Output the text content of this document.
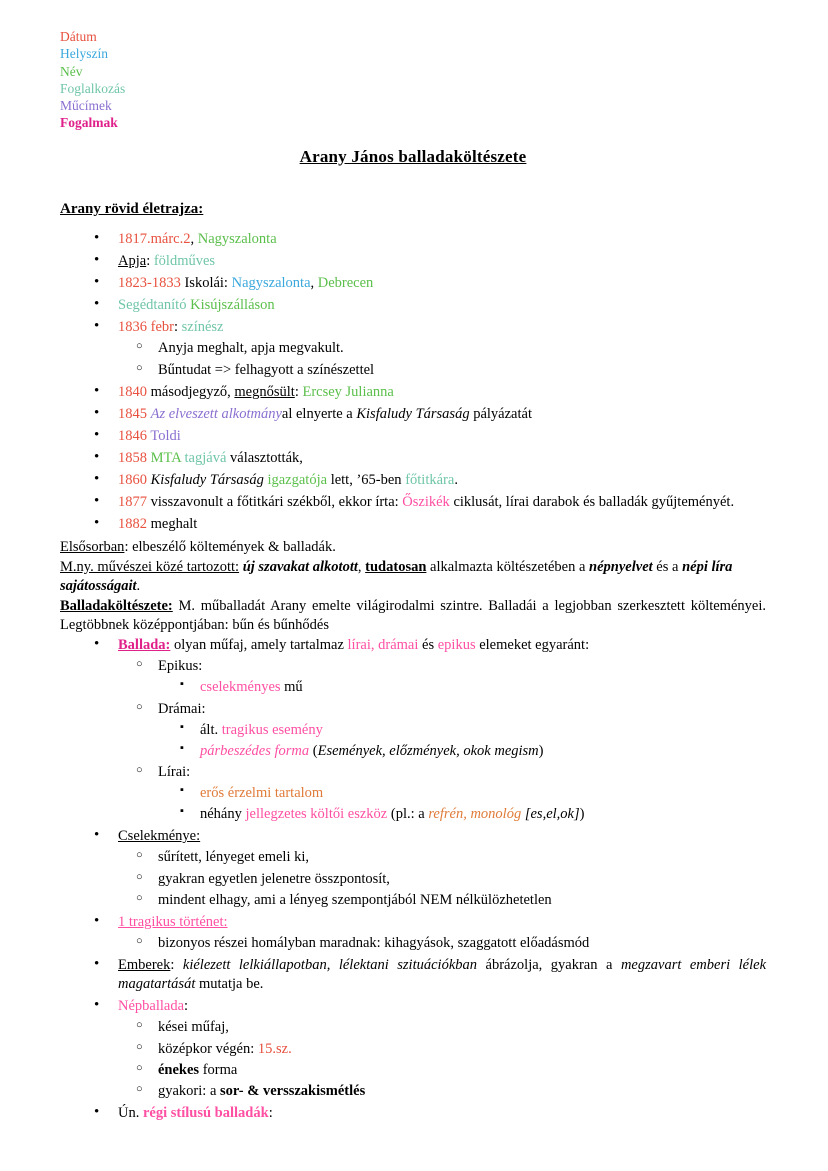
Dátum
Helyszín
Név
Foglalkozás
Műcímek
Fogalmak
Arany János balladaköltészete
Arany rövid életrajza:
• 1817.márc.2, Nagyszalonta
• Apja: földműves
• 1823-1833 Iskolái: Nagyszalonta, Debrecen
• Segédtanító Kisújszálláson
• 1836 febr: színész
○ Anyja meghalt, apja megvakult.
○ Bűntudat => felhagyott a színészettel
• 1840 másodjegyző, megnősült: Ercsey Julianna
• 1845 Az elveszett alkotmányal elnyerte a Kisfaludy Társaság pályázatát
• 1846 Toldi
• 1858 MTA tagjává választották,
• 1860 Kisfaludy Társaság igazgatója lett, ’65-ben főtitkára.
• 1877 visszavonult a főtitkári székből, ekkor írta: Őszikék ciklusát, lírai darabok és balladák gyűjteményét.
• 1882 meghalt

Elsősorban: elbeszélő költemények & balladák.

M.ny. művészei közé tartozott: új szavakat alkotott, tudatosan alkalmazta költészetében a népnyelvet és a népi líra sajátosságait.

Balladaköltészete: M. műballadát Arany emelte világirodalmi szintre. Balladái a legjobban szerkesztett költeményei. Legtöbbnek középpontjában: bűn és bűnhődés

• Ballada: olyan műfaj, amely tartalmaz lírai, drámai és epikus elemeket egyaránt:
○ Epikus:
▪ cselekményes mű
○ Drámai:
▪ ált. tragikus esemény
▪ párbeszédes forma (Események, előzmények, okok megism)
○ Lírai:
▪ erős érzelmi tartalom
▪ néhány jellegzetes költői eszköz (pl.: a refrén, monológ [es,el,ok])
• Cselekménye:
○ sűrített, lényeget emeli ki,
○ gyakran egyetlen jelenetre összpontosít,
○ mindent elhagy, ami a lényeg szempontjából NEM nélkülözhetetlen
• 1 tragikus történet:
○ bizonyos részei homályban maradnak: kihagyások, szaggatott előadásmód
• Emberek: kiélezett lelkiállapotban, lélektani szituációkban ábrázolja, gyakran a megzavart emberi lélek magatartását mutatja be.
• Népballada:
○ kései műfaj,
○ középkor végén: 15.sz.
○ énekes forma
○ gyakori: a sor- & versszakismétlés
• Ún. régi stílusú balladák:
